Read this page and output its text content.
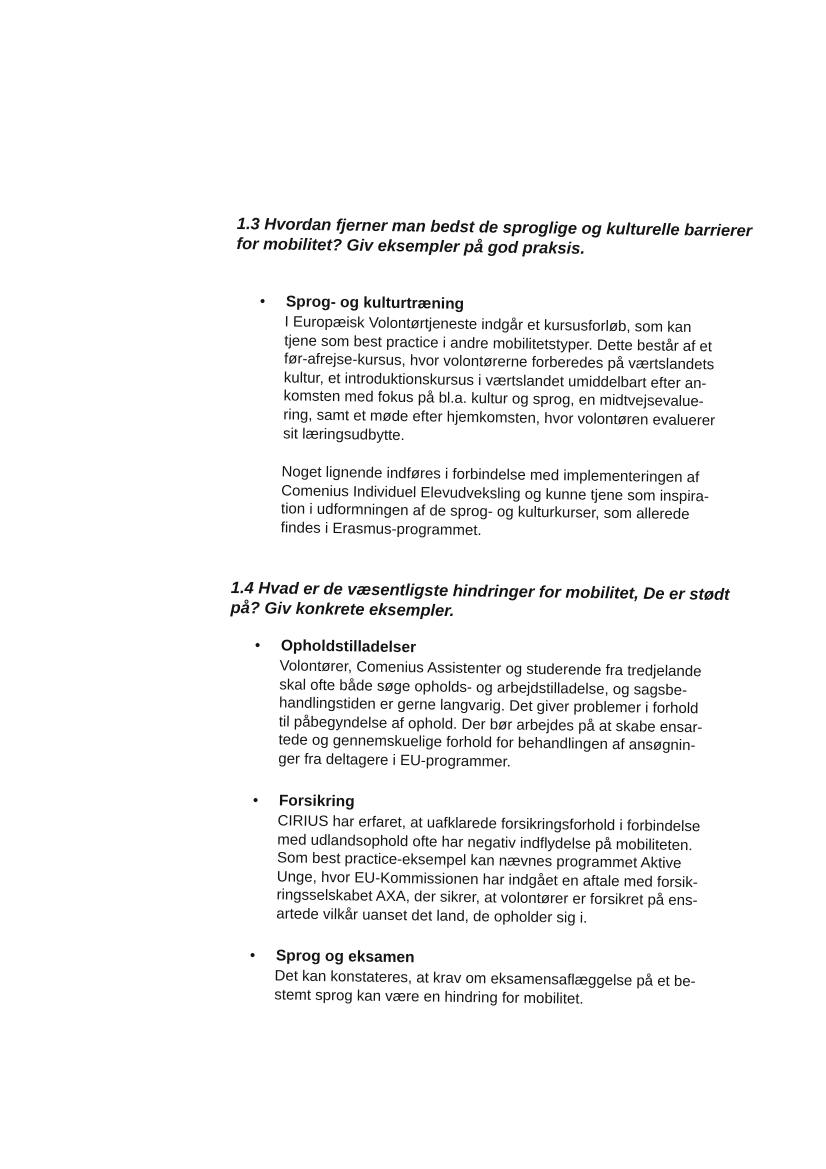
1.3 Hvordan fjerner man bedst de sproglige og kulturelle barrierer
for mobilitet? Giv eksempler på god praksis.
• Sprog- og kulturtræning
I Europæisk Volontørtjeneste indgår et kursusforløb, som kan
tjene som best practice i andre mobilitetstyper. Dette består af et
før-afrejse-kursus, hvor volontørerne forberedes på værtslandets
kultur, et introduktionskursus i værtslandet umiddelbart efter an-
komsten med fokus på bl.a. kultur og sprog, en midtvejsevalue-
ring, samt et møde efter hjemkomsten, hvor volontøren evaluerer
sit læringsudbytte.
Noget lignende indføres i forbindelse med implementeringen af
Comenius Individuel Elevudveksling og kunne tjene som inspira-
tion i udformningen af de sprog- og kulturkurser, som allerede
findes i Erasmus-programmet.
1.4 Hvad er de væsentligste hindringer for mobilitet, De er stødt
på? Giv konkrete eksempler.
• Opholdstilladelser
Volontører, Comenius Assistenter og studerende fra tredjelande
skal ofte både søge opholds- og arbejdstilladelse, og sagsbe-
handlingstiden er gerne langvarig. Det giver problemer i forhold
til påbegyndelse af ophold. Der bør arbejdes på at skabe ensar-
tede og gennemskuelige forhold for behandlingen af ansøgnin-
ger fra deltagere i EU-programmer.
• Forsikring
CIRIUS har erfaret, at uafklarede forsikringsforhold i forbindelse
med udlandsophold ofte har negativ indflydelse på mobiliteten.
Som best practice-eksempel kan nævnes programmet Aktive
Unge, hvor EU-Kommissionen har indgået en aftale med forsik-
ringsselskabet AXA, der sikrer, at volontører er forsikret på ens-
artede vilkår uanset det land, de opholder sig i.
• Sprog og eksamen
Det kan konstateres, at krav om eksamensaflæggelse på et be-
stemt sprog kan være en hindring for mobilitet.
